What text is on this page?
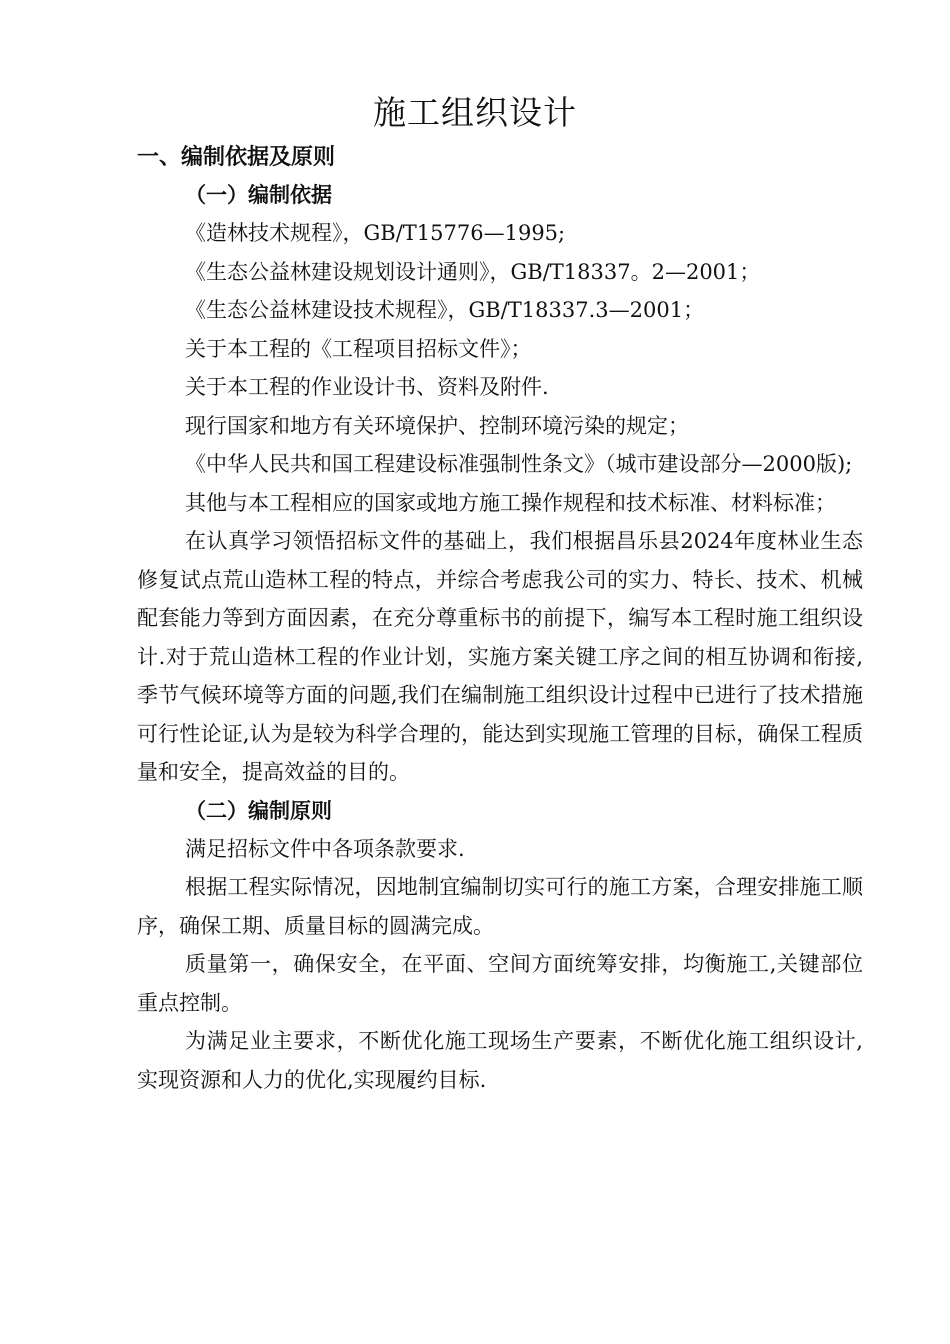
施工组织设计
一、编制依据及原则
（一）编制依据

《造林技术规程》，GB/T15776—1995;

《生态公益林建设规划设计通则》，GB/T18337。2—2001；

《生态公益林建设技术规程》，GB/T18337.3—2001；

关于本工程的《工程项目招标文件》；

关于本工程的作业设计书、资料及附件.

现行国家和地方有关环境保护、控制环境污染的规定；

《中华人民共和国工程建设标准强制性条文》（城市建设部分—2000版);

其他与本工程相应的国家或地方施工操作规程和技术标准、材料标准；

在认真学习领悟招标文件的基础上，我们根据昌乐县2024年度林业生态修复试点荒山造林工程的特点，并综合考虑我公司的实力、特长、技术、机械配套能力等到方面因素，在充分尊重标书的前提下，编写本工程时施工组织设计.对于荒山造林工程的作业计划，实施方案关键工序之间的相互协调和衔接,季节气候环境等方面的问题,我们在编制施工组织设计过程中已进行了技术措施可行性论证,认为是较为科学合理的，能达到实现施工管理的目标，确保工程质量和安全，提高效益的目的。

（二）编制原则

满足招标文件中各项条款要求.

根据工程实际情况，因地制宜编制切实可行的施工方案，合理安排施工顺序，确保工期、质量目标的圆满完成。

质量第一，确保安全，在平面、空间方面统筹安排，均衡施工,关键部位重点控制。

为满足业主要求，不断优化施工现场生产要素，不断优化施工组织设计,实现资源和人力的优化,实现履约目标.
